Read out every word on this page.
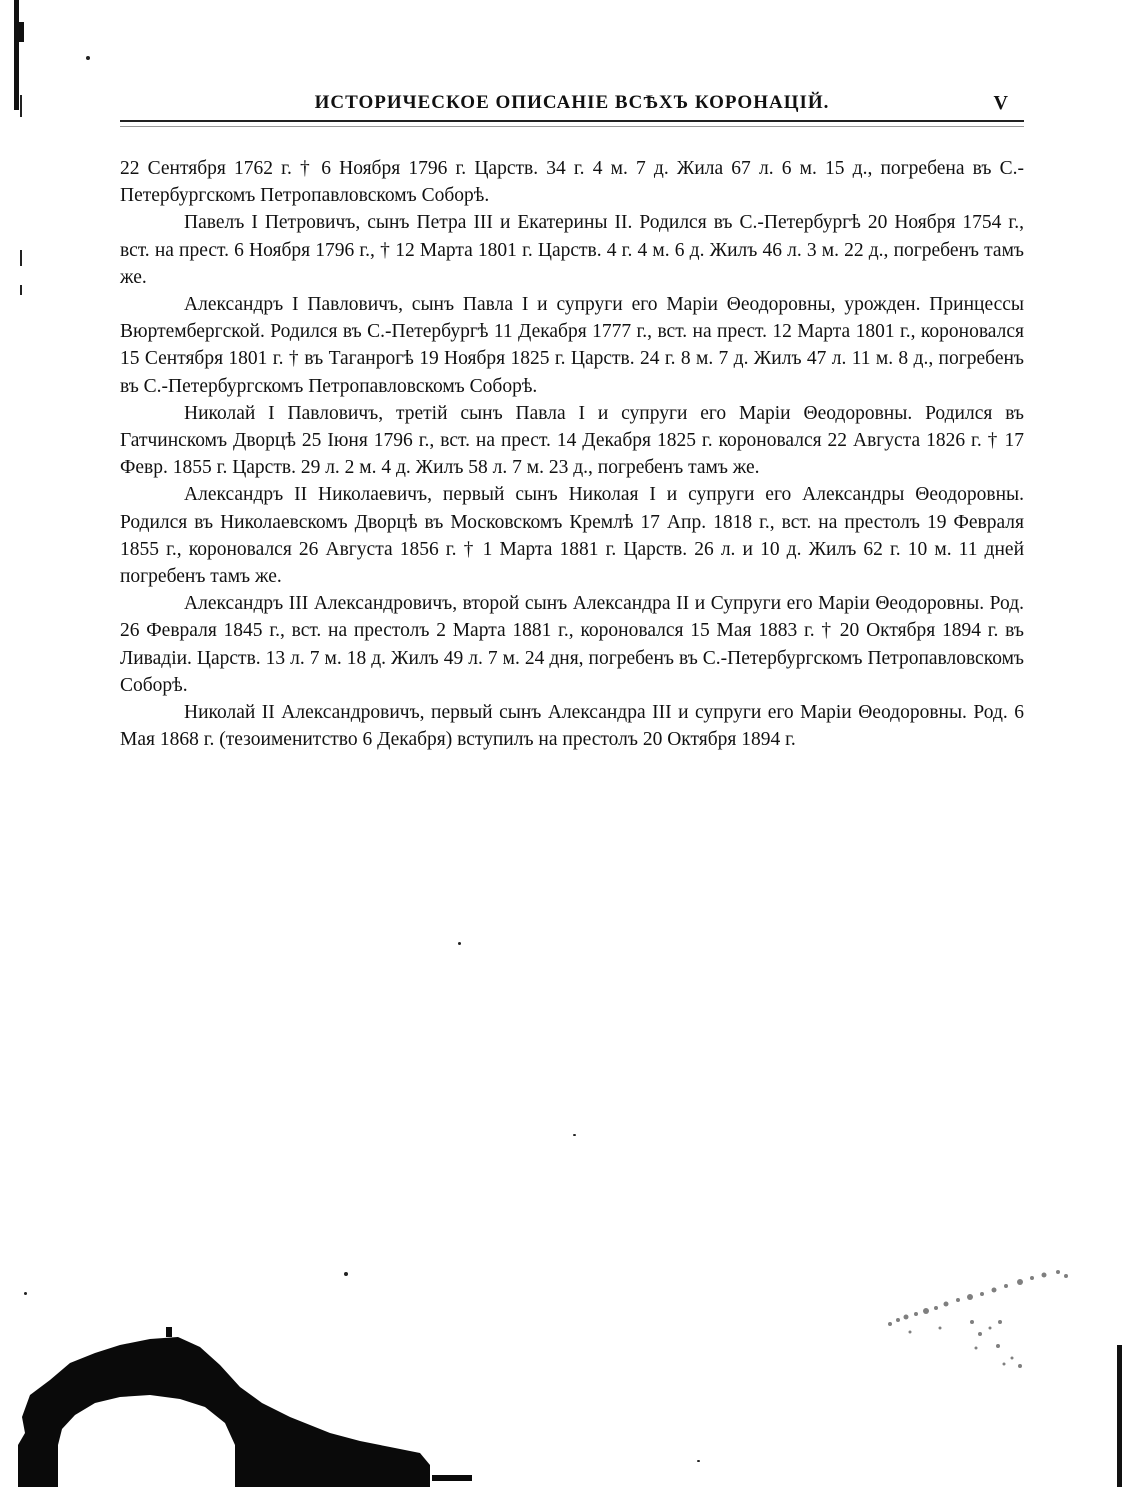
ИСТОРИЧЕСКОЕ ОПИСАНІЕ ВСѢХЪ КОРОНАЦІЙ.	V

22 Сентября 1762 г. † 6 Ноября 1796 г. Царств. 34 г. 4 м. 7 д. Жила 67 л. 6 м. 15 д., погребена въ С.-Петербургскомъ Петропавловскомъ Соборѣ.

Павелъ I Петровичъ, сынъ Петра III и Екатерины II. Родился въ С.-Петербургѣ 20 Ноября 1754 г., вст. на прест. 6 Ноября 1796 г., † 12 Марта 1801 г. Царств. 4 г. 4 м. 6 д. Жилъ 46 л. 3 м. 22 д., погребенъ тамъ же.

Александръ I Павловичъ, сынъ Павла I и супруги его Маріи Θеодоровны, урожден. Принцессы Вюртембергской. Родился въ С.-Петербургѣ 11 Декабря 1777 г., вст. на прест. 12 Марта 1801 г., короновался 15 Сентября 1801 г. † въ Таганрогѣ 19 Ноября 1825 г. Царств. 24 г. 8 м. 7 д. Жилъ 47 л. 11 м. 8 д., погребенъ въ С.-Петербургскомъ Петропавловскомъ Соборѣ.

Николай I Павловичъ, третій сынъ Павла I и супруги его Маріи Θеодоровны. Родился въ Гатчинскомъ Дворцѣ 25 Іюня 1796 г., вст. на прест. 14 Декабря 1825 г. короновался 22 Августа 1826 г. † 17 Февр. 1855 г. Царств. 29 л. 2 м. 4 д. Жилъ 58 л. 7 м. 23 д., погребенъ тамъ же.

Александръ II Николаевичъ, первый сынъ Николая I и супруги его Александры Θеодоровны. Родился въ Николаевскомъ Дворцѣ въ Московскомъ Кремлѣ 17 Апр. 1818 г., вст. на престолъ 19 Февраля 1855 г., короновался 26 Августа 1856 г. † 1 Марта 1881 г. Царств. 26 л. и 10 д. Жилъ 62 г. 10 м. 11 дней погребенъ тамъ же.

Александръ III Александровичъ, второй сынъ Александра II и Супруги его Маріи Θеодоровны. Род. 26 Февраля 1845 г., вст. на престолъ 2 Марта 1881 г., короновался 15 Мая 1883 г. † 20 Октября 1894 г. въ Ливадіи. Царств. 13 л. 7 м. 18 д. Жилъ 49 л. 7 м. 24 дня, погребенъ въ С.-Петербургскомъ Петропавловскомъ Соборѣ.

Николай II Александровичъ, первый сынъ Александра III и супруги его Маріи Θеодоровны. Род. 6 Мая 1868 г. (тезоименитство 6 Декабря) вступилъ на престолъ 20 Октября 1894 г.
